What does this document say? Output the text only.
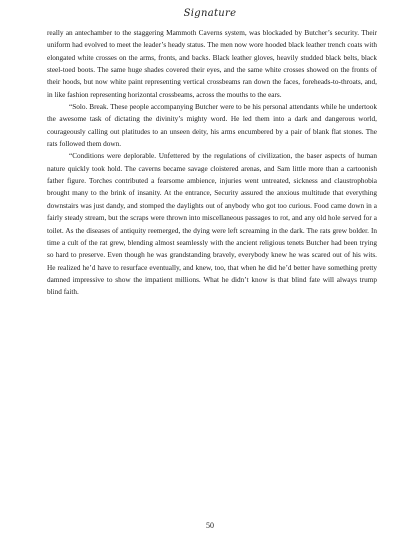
Signature

really an antechamber to the staggering Mammoth Caverns system, was blockaded by Butcher’s security. Their uniform had evolved to meet the leader’s heady status. The men now wore hooded black leather trench coats with elongated white crosses on the arms, fronts, and backs. Black leather gloves, heavily studded black belts, black steel-toed boots. The same huge shades covered their eyes, and the same white crosses showed on the fronts of their hoods, but now white paint representing vertical crossbeams ran down the faces, foreheads-to-throats, and, in like fashion representing horizontal crossbeams, across the mouths to the ears.

“Solo. Break. These people accompanying Butcher were to be his personal attendants while he undertook the awesome task of dictating the divinity’s mighty word. He led them into a dark and dangerous world, courageously calling out platitudes to an unseen deity, his arms encumbered by a pair of blank flat stones. The rats followed them down.

“Conditions were deplorable. Unfettered by the regulations of civilization, the baser aspects of human nature quickly took hold. The caverns became savage cloistered arenas, and Sam little more than a cartoonish father figure. Torches contributed a fearsome ambience, injuries went untreated, sickness and claustrophobia brought many to the brink of insanity. At the entrance, Security assured the anxious multitude that everything downstairs was just dandy, and stomped the daylights out of anybody who got too curious. Food came down in a fairly steady stream, but the scraps were thrown into miscellaneous passages to rot, and any old hole served for a toilet. As the diseases of antiquity reemerged, the dying were left screaming in the dark. The rats grew bolder. In time a cult of the rat grew, blending almost seamlessly with the ancient religious tenets Butcher had been trying so hard to preserve. Even though he was grandstanding bravely, everybody knew he was scared out of his wits. He realized he’d have to resurface eventually, and knew, too, that when he did he’d better have something pretty damned impressive to show the impatient millions. What he didn’t know is that blind fate will always trump blind faith.

50
